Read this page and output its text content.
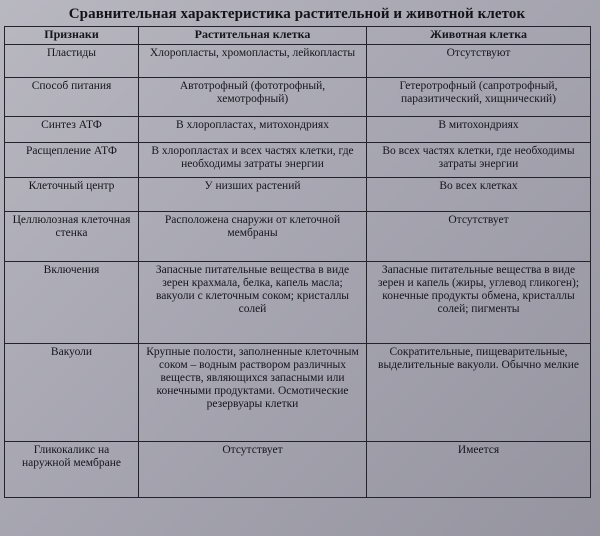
Сравнительная характеристика растительной и животной клеток
Признаки	Растительная клетка	Животная клетка
Пластиды	Хлоропласты, хромопласты, лейкопласты	Отсутствуют
Способ питания	Автотрофный (фототрофный, хемотрофный)	Гетеротрофный (сапротрофный, паразитический, хищнический)
Синтез АТФ	В хлоропластах, митохондриях	В митохондриях
Расщепление АТФ	В хлоропластах и всех частях клетки, где необходимы затраты энергии	Во всех частях клетки, где необходимы затраты энергии
Клеточный центр	У низших растений	Во всех клетках
Целлюлозная клеточная стенка	Расположена снаружи от клеточной мембраны	Отсутствует
Включения	Запасные питательные вещества в виде зерен крахмала, белка, капель масла; вакуоли с клеточным соком; кристаллы солей	Запасные питательные вещества в виде зерен и капель (жиры, углевод гликоген); конечные продукты обмена, кристаллы солей; пигменты
Вакуоли	Крупные полости, заполненные клеточным соком – водным раствором различных веществ, являющихся запасными или конечными продуктами. Осмотические резервуары клетки	Сократительные, пищеварительные, выделительные вакуоли. Обычно мелкие
Гликокаликс на наружной мембране	Отсутствует	Имеется
